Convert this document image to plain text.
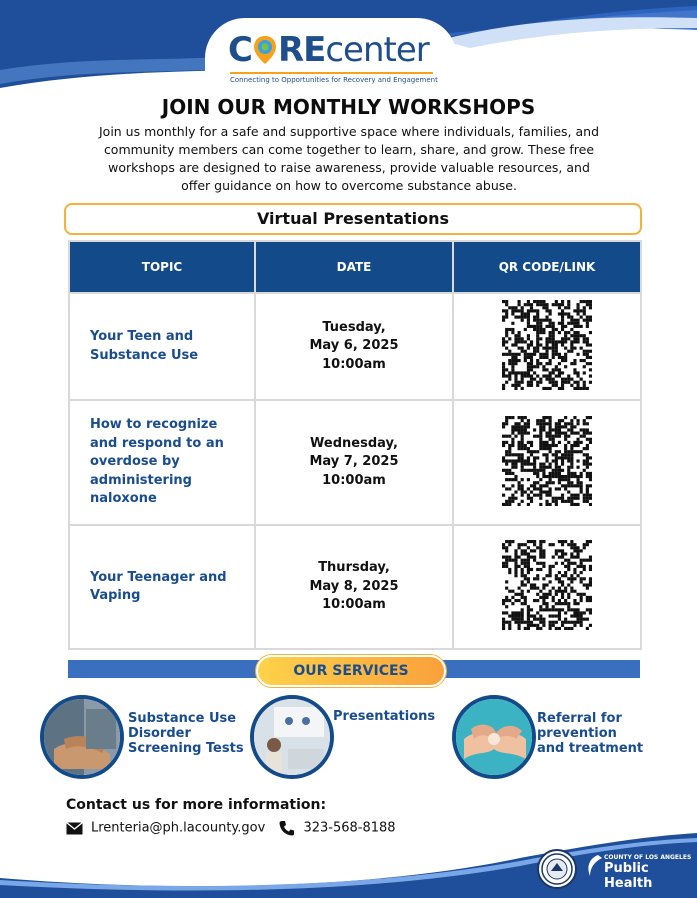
C REcenter
Connecting to Opportunities for Recovery and Engagement
JOIN OUR MONTHLY WORKSHOPS
Join us monthly for a safe and supportive space where individuals, families, and community members can come together to learn, share, and grow. These free workshops are designed to raise awareness, provide valuable resources, and offer guidance on how to overcome substance abuse.
Virtual Presentations
TOPIC	DATE	QR CODE/LINK
Your Teen and Substance Use	Tuesday,
May 6, 2025
10:00am

How to recognize and respond to an overdose by administering naloxone	Wednesday,
May 7, 2025
10:00am

Your Teenager and Vaping	Thursday,
May 8, 2025
10:00am

OUR SERVICES
Substance Use Disorder Screening Tests
Presentations	Referral for prevention and treatment
Contact us for more information:
Lrenteria@ph.lacounty.gov	323-568-8188
COUNTY OF LOS ANGELES
Public Health
